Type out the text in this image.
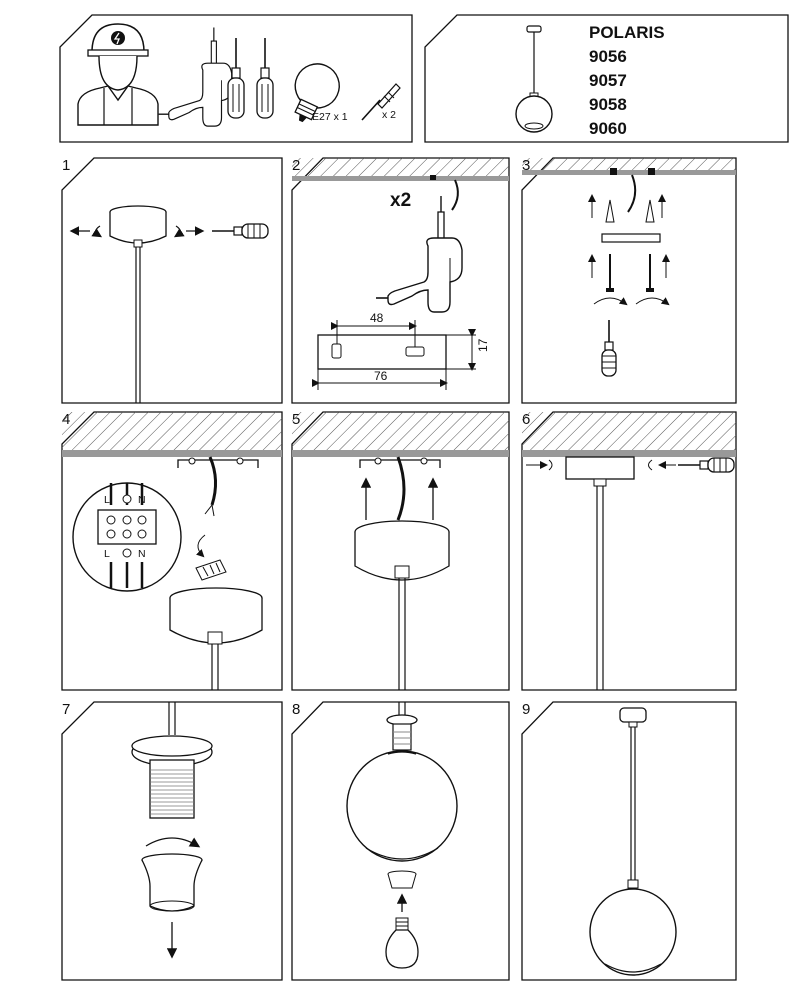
E27 x 1	x 2
POLARIS
9056
9057
9058
9060
1
x2
48
76
17
L	N
L	N
7	8	9
